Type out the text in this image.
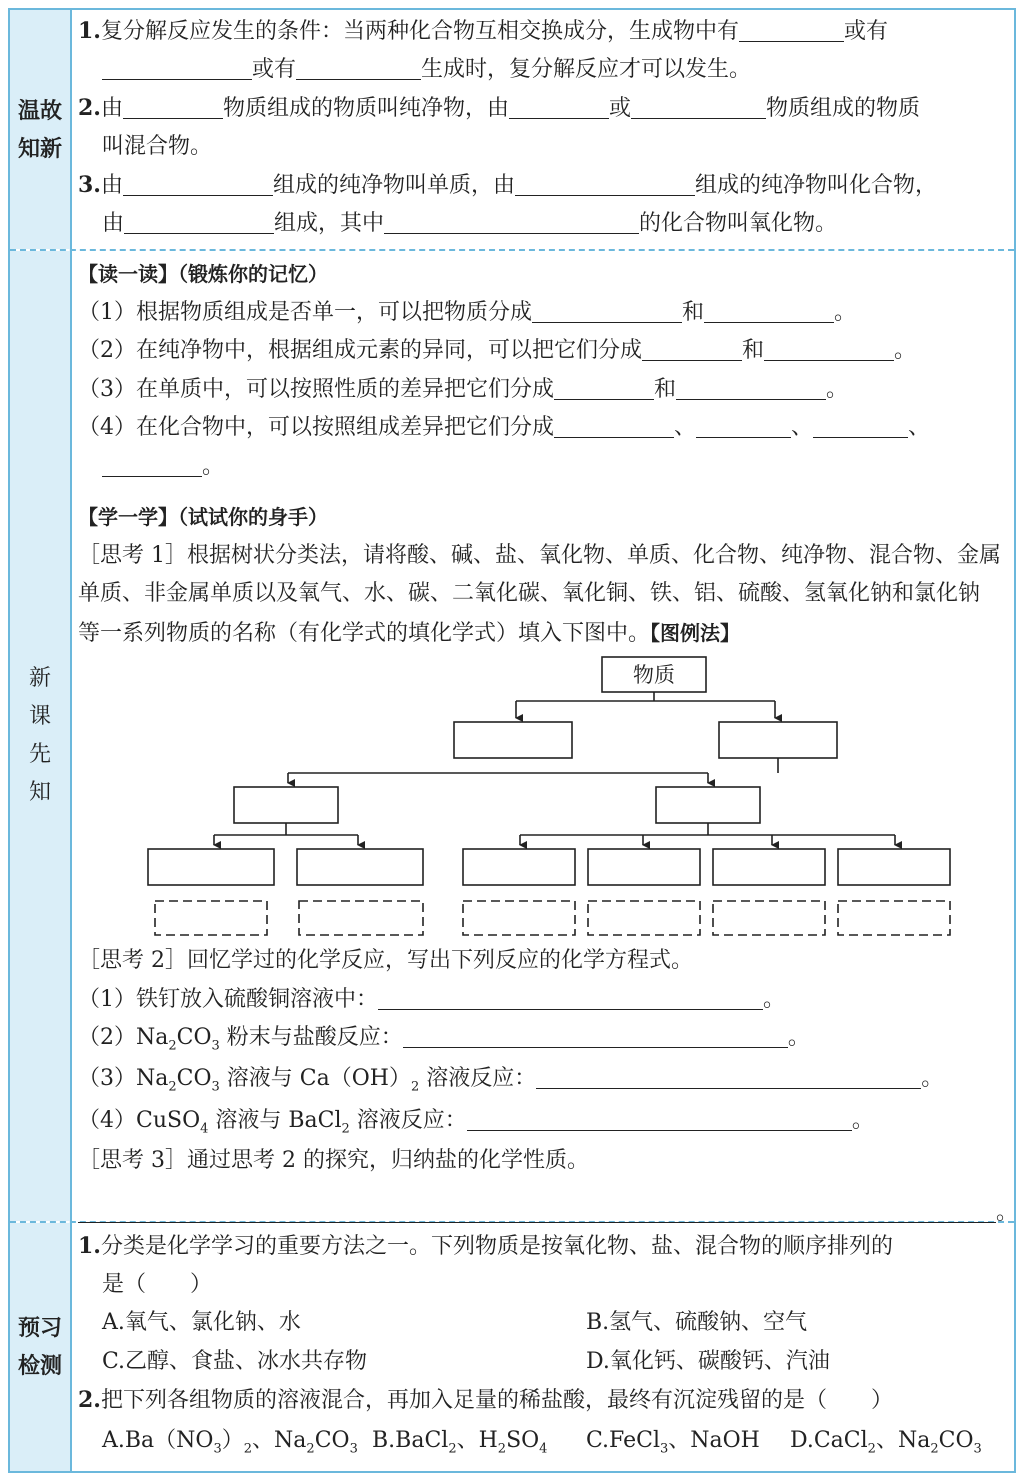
温故知新
1.复分解反应发生的条件：当两种化合物互相交换成分，生成物中有	或有
或有	生成时，复分解反应才可以发生。
2.由	物质组成的物质叫纯净物，由	或	物质组成的物质
叫混合物。
3.由	组成的纯净物叫单质，由	组成的纯净物叫化合物，
由	组成，其中	的化合物叫氧化物。
新课先知
【读一读】（锻炼你的记忆）
（1）根据物质组成是否单一，可以把物质分成	和	。
（2）在纯净物中，根据组成元素的异同，可以把它们分成	和	。
（3）在单质中，可以按照性质的差异把它们分成	和	。
（4）在化合物中，可以按照组成差异把它们分成	、	、	、
。
【学一学】（试试你的身手）
［思考 1］根据树状分类法，请将酸、碱、盐、氧化物、单质、化合物、纯净物、混合物、金属
单质、非金属单质以及氧气、水、碳、二氧化碳、氧化铜、铁、铝、硫酸、氢氧化钠和氯化钠
等一系列物质的名称（有化学式的填化学式）填入下图中。【图例法】
物质
［思考 2］回忆学过的化学反应，写出下列反应的化学方程式。
（1）铁钉放入硫酸铜溶液中：	。
$(2)Na_2CO_3$ 粉末与盐酸反应：	。
$(3)Na_2CO_3$ 溶液与 $Ca(OH)_2$ 溶液反应：	。
（4）CuSO$_4$ 溶液与 BaCl$_2$ 溶液反应：	。
［思考 3］通过思考 2 的探究，归纳盐的化学性质。
。
预习检测
1.分类是化学学习的重要方法之一。下列物质是按氧化物、盐、混合物的顺序排列的
是（　　）
A.氧气、氯化钠、水	B.氢气、硫酸钠、空气
C.乙醇、食盐、冰水共存物	D.氧化钙、碳酸钙、汽油
2.把下列各组物质的溶液混合，再加入足量的稀盐酸，最终有沉淀残留的是（　　）
$A.Ba(NO_3)_2$、$Na_2CO_3$ B.BaCl$_2$、$H_2SO_4$	C.FeCl$_3$、NaOH	D.CaCl$_2$、$Na_2CO_3$
